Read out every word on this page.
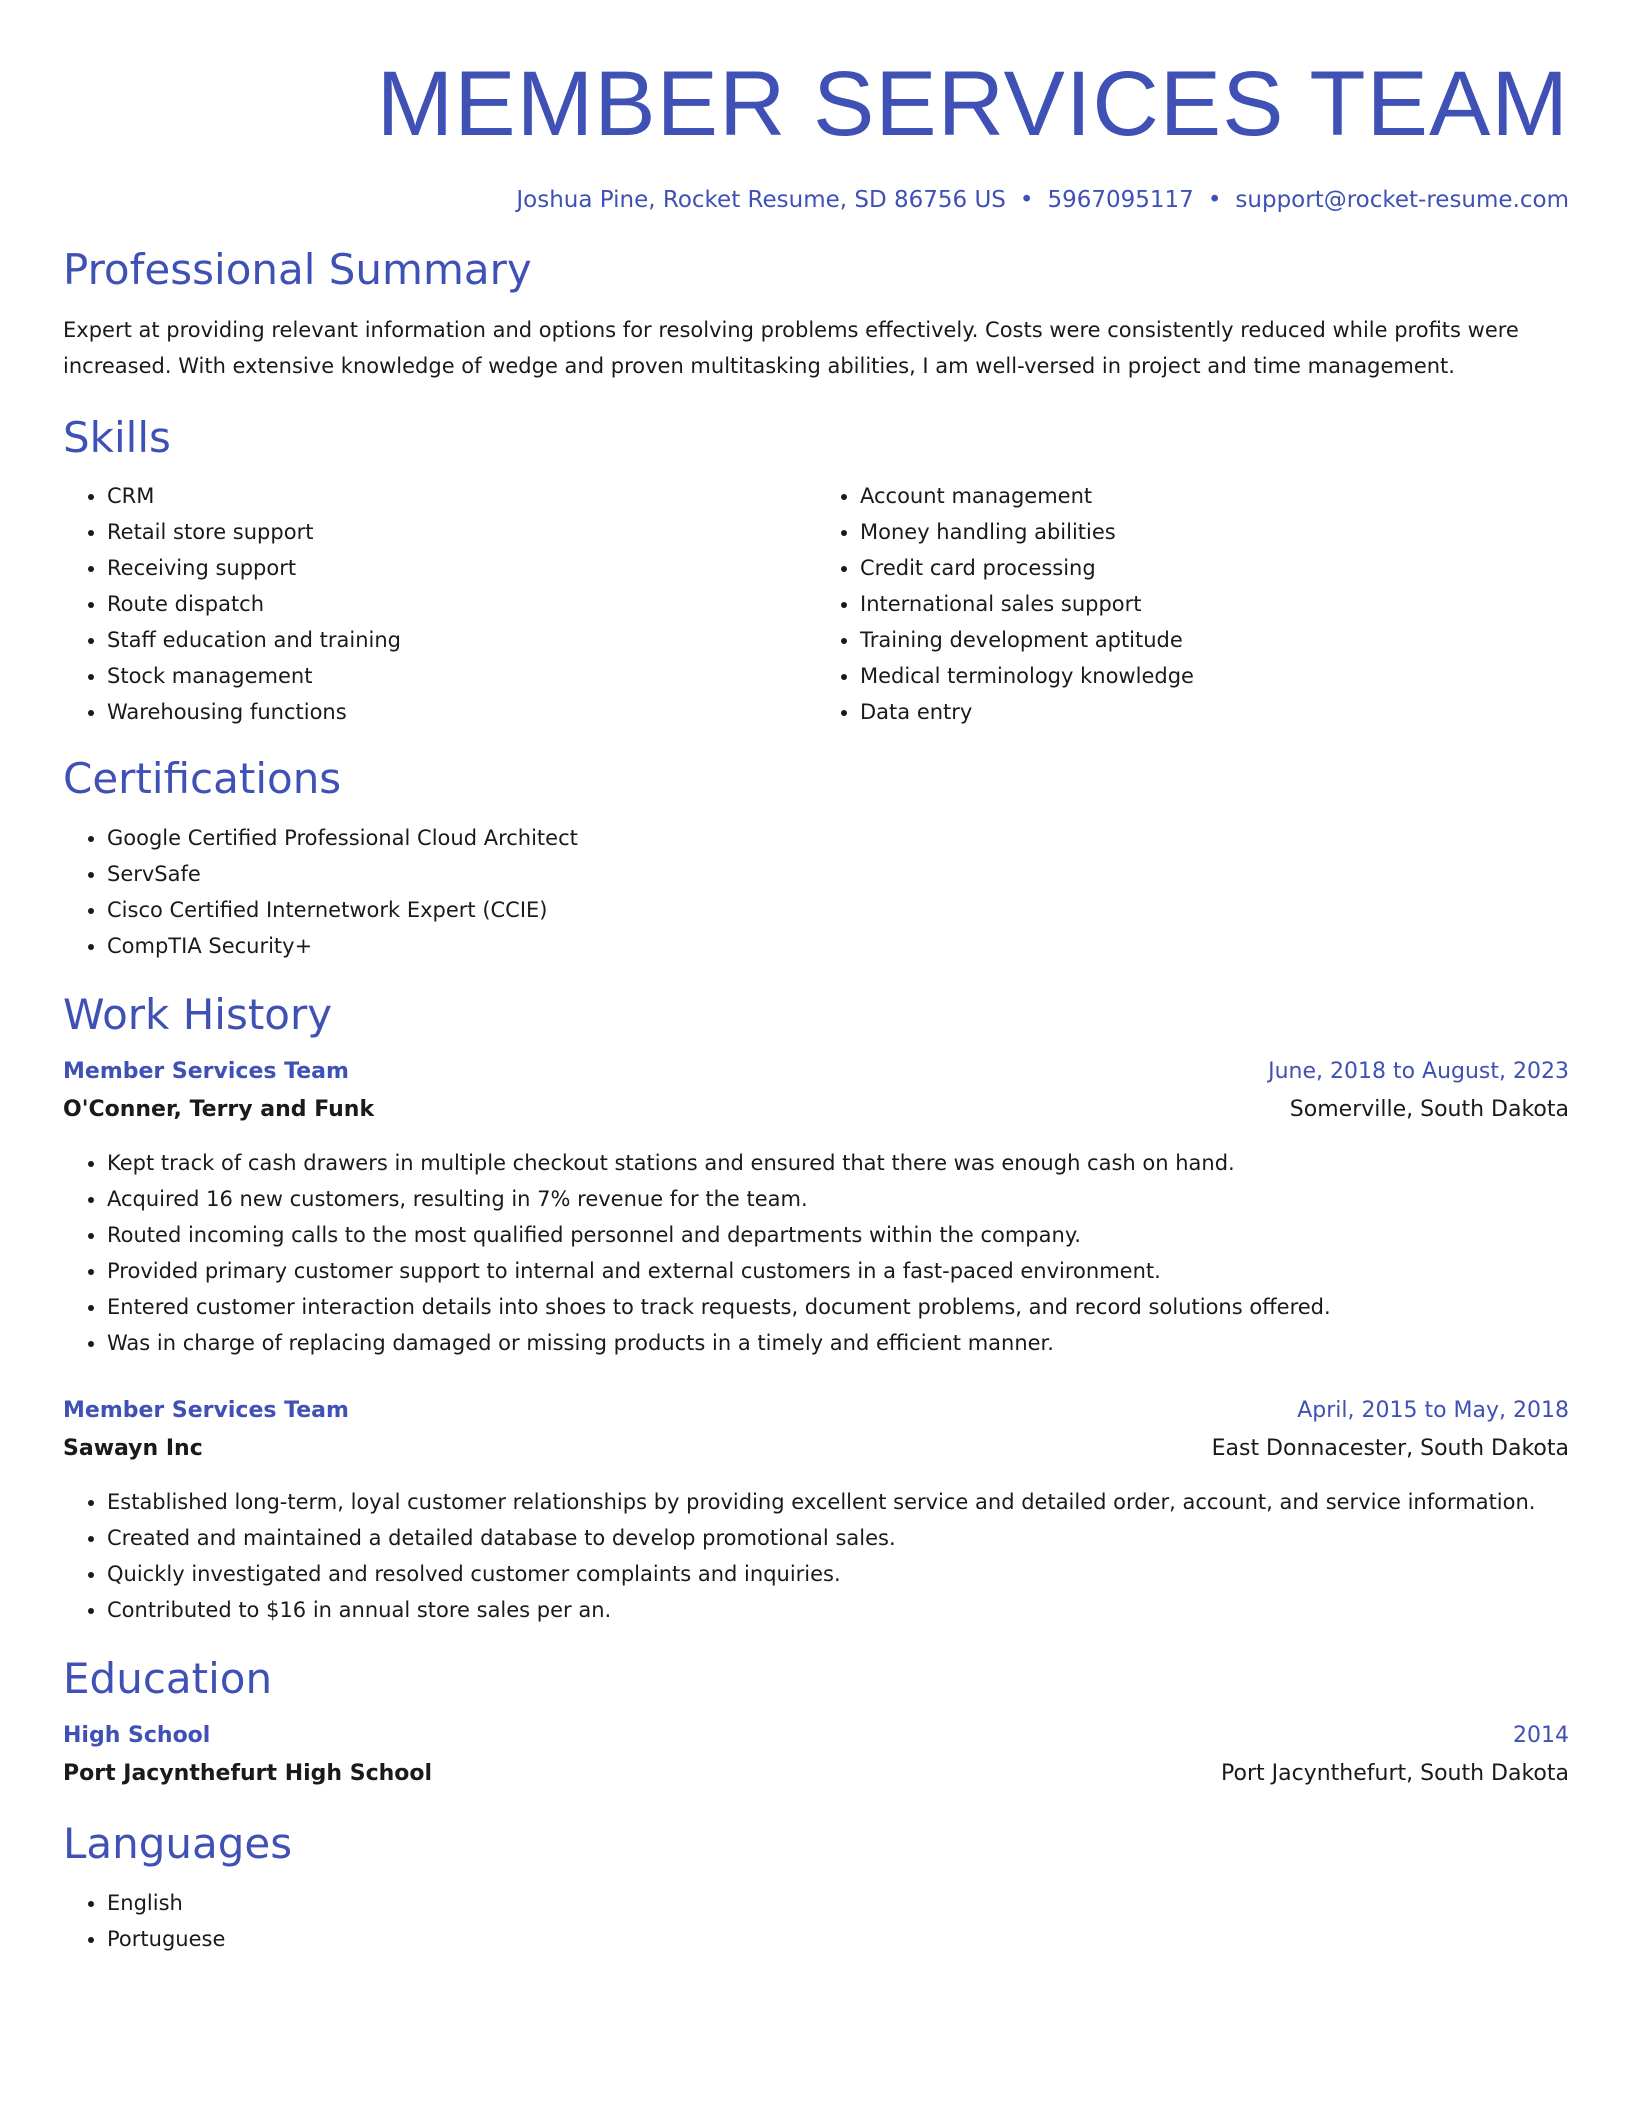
MEMBER SERVICES TEAM
Joshua Pine, Rocket Resume, SD 86756 US • 5967095117 • support@rocket-resume.com
Professional Summary

Expert at providing relevant information and options for resolving problems effectively. Costs were consistently reduced while profits were increased. With extensive knowledge of wedge and proven multitasking abilities, I am well-versed in project and time management.

Skills
• CRM
• Retail store support
• Receiving support
• Route dispatch
• Staff education and training
• Stock management
• Warehousing functions
• Account management
• Money handling abilities
• Credit card processing
• International sales support
• Training development aptitude
• Medical terminology knowledge
• Data entry
Certifications
• Google Certified Professional Cloud Architect
• ServSafe
• Cisco Certified Internetwork Expert (CCIE)
• CompTIA Security+
Work History
Member Services Team	June, 2018 to August, 2023
O'Conner, Terry and Funk	Somerville, South Dakota
• Kept track of cash drawers in multiple checkout stations and ensured that there was enough cash on hand.
• Acquired 16 new customers, resulting in 7% revenue for the team.
• Routed incoming calls to the most qualified personnel and departments within the company.
• Provided primary customer support to internal and external customers in a fast-paced environment.
• Entered customer interaction details into shoes to track requests, document problems, and record solutions offered.
• Was in charge of replacing damaged or missing products in a timely and efficient manner.
Member Services Team	April, 2015 to May, 2018
Sawayn Inc	East Donnacester, South Dakota
• Established long-term, loyal customer relationships by providing excellent service and detailed order, account, and service information.
• Created and maintained a detailed database to develop promotional sales.
• Quickly investigated and resolved customer complaints and inquiries.
• Contributed to $16 in annual store sales per an.
Education
High School	2014
Port Jacynthefurt High School	Port Jacynthefurt, South Dakota
Languages
• English
• Portuguese
